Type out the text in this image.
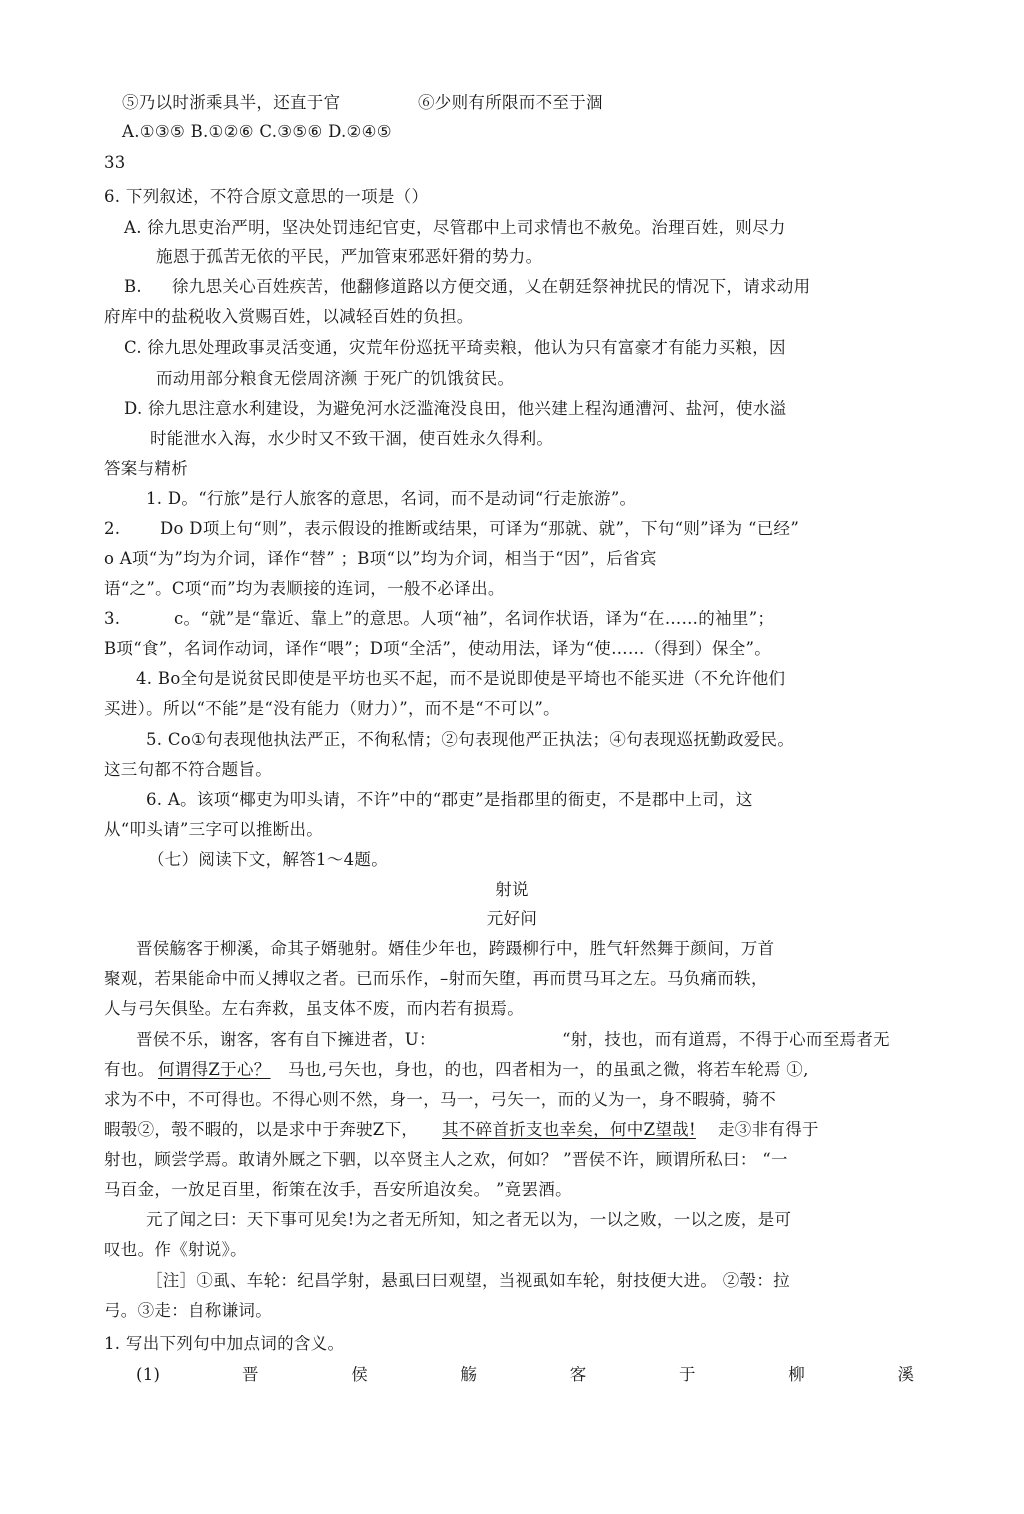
⑤乃以时浙乘具半，还直于官	⑥少则有所限而不至于涸
A.①③⑤ B.①②⑥ C.③⑤⑥ D.②④⑤
33
6. 下列叙述，不符合原文意思的一项是（）
A. 徐九思吏治严明，坚决处罚违纪官吏，尽管郡中上司求情也不赦免。治理百姓，则尽力
施恩于孤苦无依的平民，严加管束邪恶奸猾的势力。
B. 徐九思关心百姓疾苦，他翻修道路以方便交通，乂在朝廷祭神扰民的情况下，请求动用
府库中的盐税收入赏赐百姓，以减轻百姓的负担。
C. 徐九思处理政事灵活变通，灾荒年份巡抚平琦卖粮，他认为只有富豪才有能力买粮，因
而动用部分粮食无偿周济濒 于死广的饥饿贫民。
D. 徐九思注意水利建设，为避免河水泛滥淹没良田，他兴建上程沟通漕河、盐河，使水溢
时能泄水入海，水少时又不致干涸，使百姓永久得利。
答案与精析
1. D。“行旅”是行人旅客的意思，名词，而不是动词“行走旅游”。
2. Do D项上句“则”，表示假设的推断或结果，可译为“那就、就”，下句“则”译为 “已经”
o A项“为”均为介词，译作“替” ；B项“以”均为介词，相当于“因”，后省宾
语“之”。C项“而”均为表顺接的连词，一般不必译出。
3.	c。“就”是“靠近、靠上”的意思。人项“袖”，名词作状语，译为“在……的袖里”；
B项“食”，名词作动词，译作“喂”；D项“全活”，使动用法，译为“使……（得到）保全”。
4. Bo全句是说贫民即使是平坊也买不起，而不是说即使是平埼也不能买进（不允许他们
买进）。所以“不能”是“没有能力（财力）”，而不是“不可以”。
5. Co①句表现他执法严正，不徇私情；②句表现他严正执法；④句表现巡抚勤政爱民。
这三句都不符合题旨。
6. A。该项“椰吏为叩头请，不许”中的“郡吏”是指郡里的衙吏，不是郡中上司，这
从“叩头请”三字可以推断出。
（七）阅读下文，解答1～4题。
射说
元好问
晋侯觞客于柳溪，命其子婿驰射。婿佳少年也，跨蹑柳行中，胜气轩然舞于颜间，万首
聚观，若果能命中而乂搏収之者。已而乐作，–射而矢堕，再而贯马耳之左。马负痛而轶，
人与弓矢俱坠。左右奔救，虽支体不废，而内若有损焉。
晋侯不乐，谢客，客有自下擁进者，U：	“射，技也，而有道焉，不得于心而至焉者无
有也。 何谓得Z于心？ 马也,弓矢也，身也，的也，四者相为一，的虽虱之微，将若车轮焉 ①,
求为不中，不可得也。不得心则不然，身一，马一，弓矢一，而的乂为一，身不暇骑，骑不
暇彀②，彀不暇的，以是求中于奔驶Z下， 其不碎首折支也幸矣，何中Z望哉! 走③非有得于
射也，顾尝学焉。敢请外厩之下驷，以卒贤主人之欢，何如？ ”晋侯不许，顾谓所私曰： “一
马百金，一放足百里，衔策在汝手，吾安所追汝矣。 ”竟罢酒。
元了闻之曰：天下事可见矣!为之者无所知，知之者无以为，一以之败，一以之废，是可
叹也。作《射说》。
［注］①虱、车轮：纪昌学射，悬虱曰曰观望，当视虱如车轮，射技便大进。 ②彀：拉
弓。③走：自称谦词。
1. 写出下列句中加点词的含义。
(1)	晋	侯	觞	客	于	柳	溪
